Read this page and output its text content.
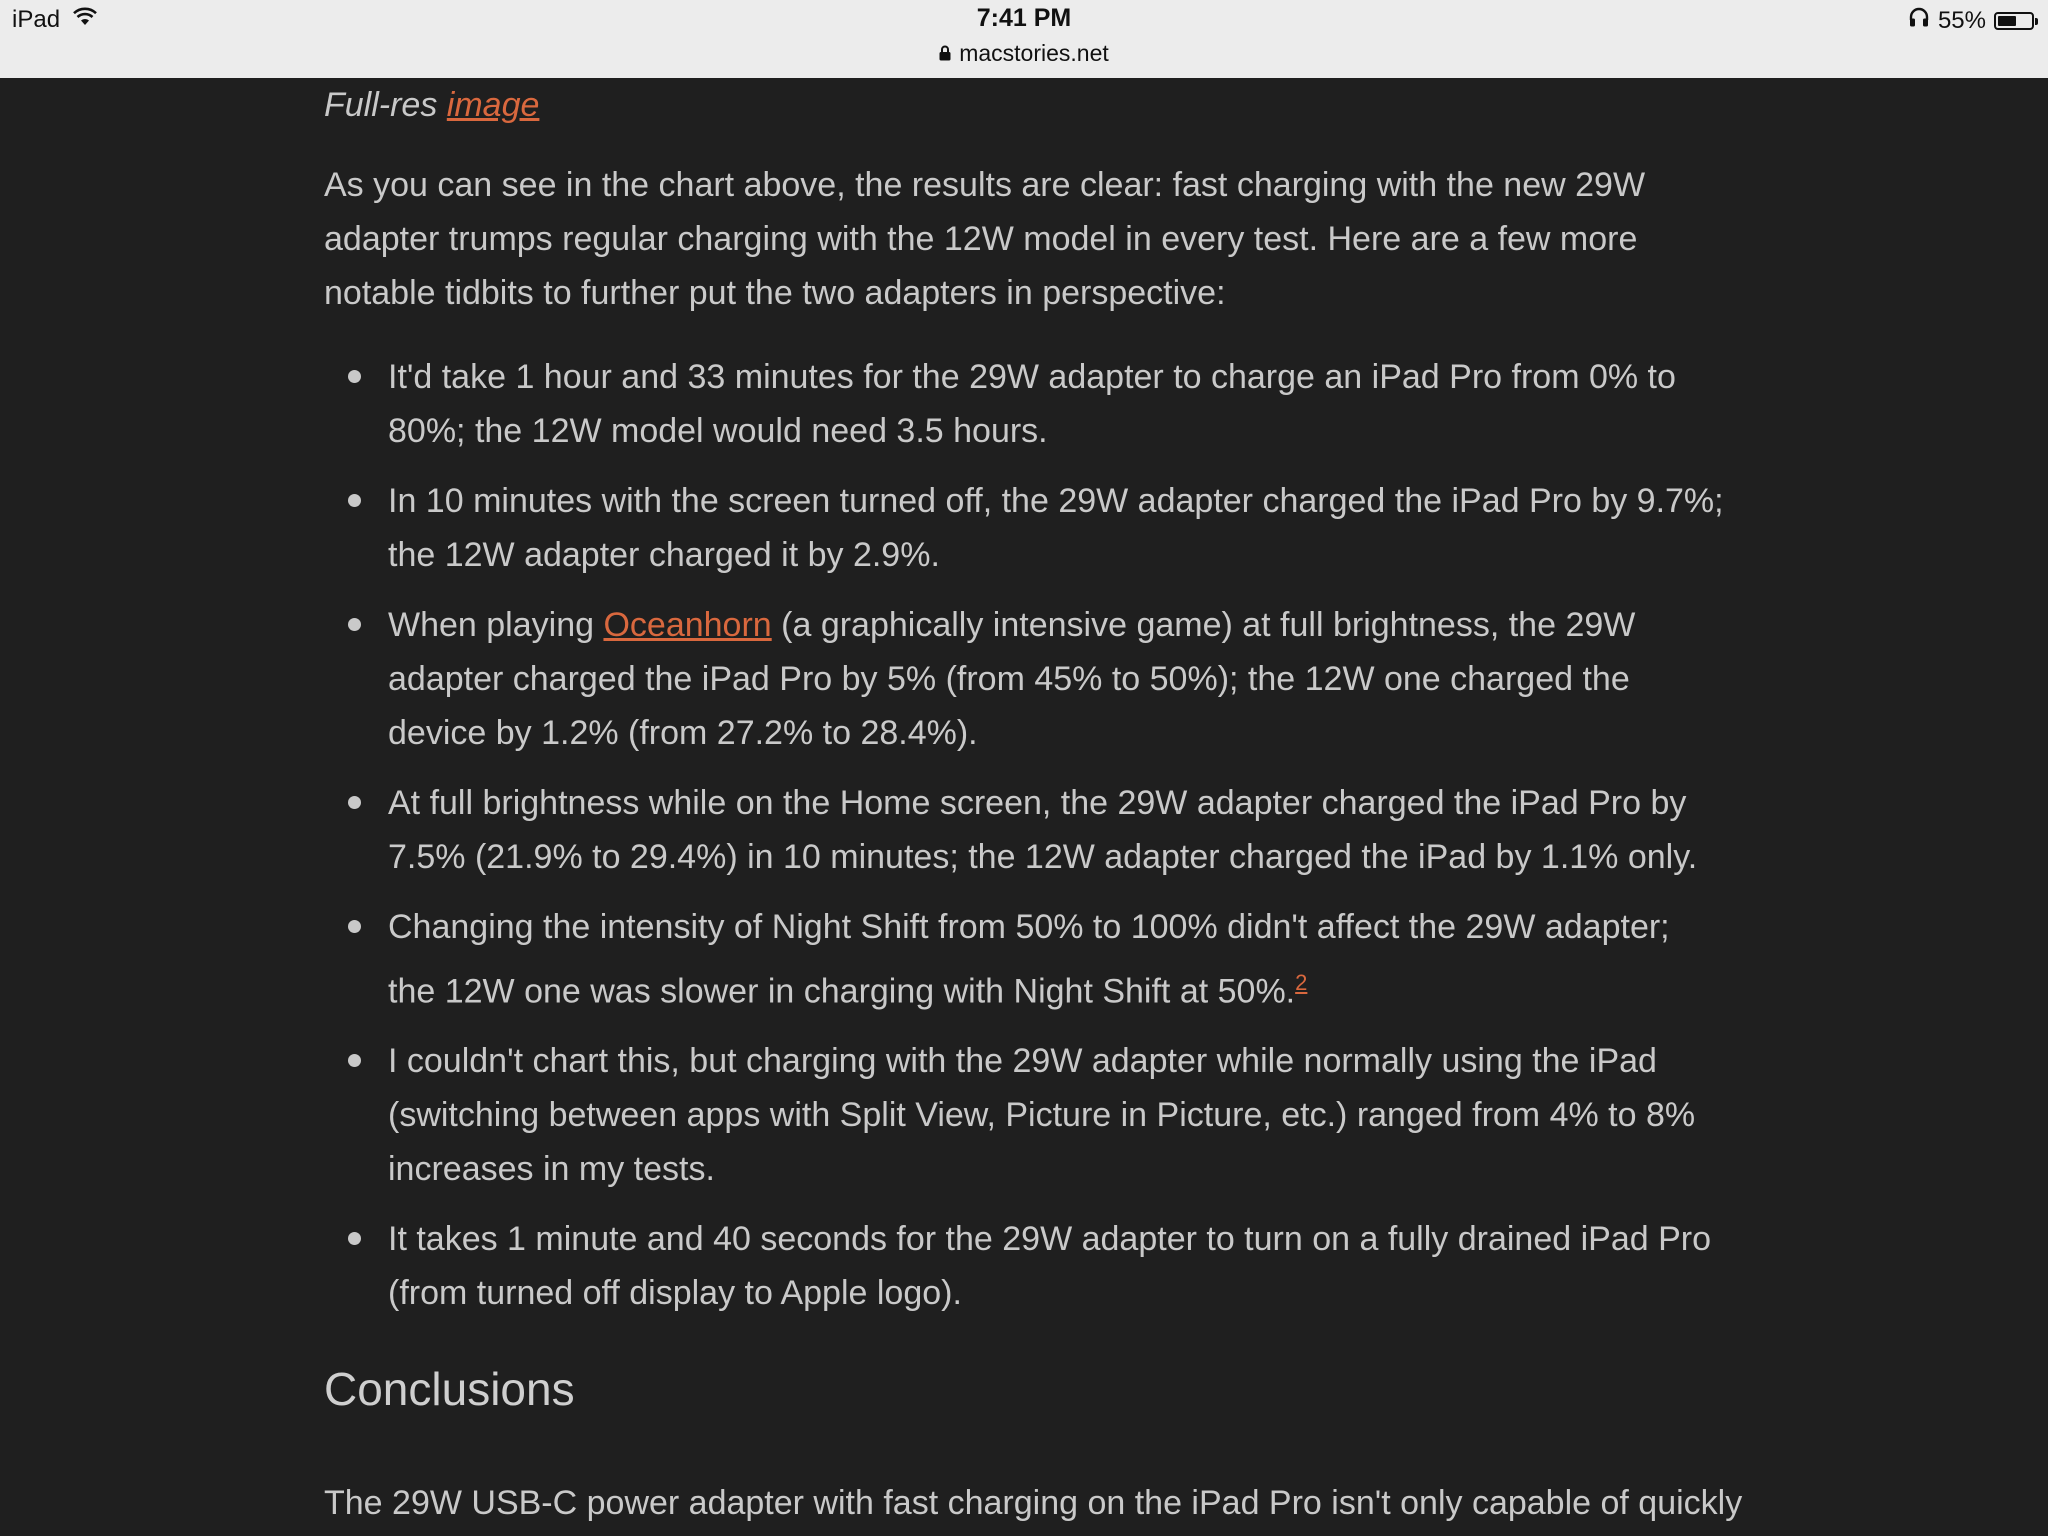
iPad	7:41 PM
macstories.net
55%

Full-res image

As you can see in the chart above, the results are clear: fast charging with the new 29W adapter trumps regular charging with the 12W model in every test. Here are a few more notable tidbits to further put the two adapters in perspective:

It'd take 1 hour and 33 minutes for the 29W adapter to charge an iPad Pro from 0% to 80%; the 12W model would need 3.5 hours.
In 10 minutes with the screen turned off, the 29W adapter charged the iPad Pro by 9.7%; the 12W adapter charged it by 2.9%.
When playing Oceanhorn (a graphically intensive game) at full brightness, the 29W adapter charged the iPad Pro by 5% (from 45% to 50%); the 12W one charged the device by 1.2% (from 27.2% to 28.4%).
At full brightness while on the Home screen, the 29W adapter charged the iPad Pro by 7.5% (21.9% to 29.4%) in 10 minutes; the 12W adapter charged the iPad by 1.1% only.
Changing the intensity of Night Shift from 50% to 100% didn't affect the 29W adapter; the 12W one was slower in charging with Night Shift at 50%.$^2$
I couldn't chart this, but charging with the 29W adapter while normally using the iPad (switching between apps with Split View, Picture in Picture, etc.) ranged from 4% to 8% increases in my tests.
It takes 1 minute and 40 seconds for the 29W adapter to turn on a fully drained iPad Pro (from turned off display to Apple logo).
Conclusions

The 29W USB-C power adapter with fast charging on the iPad Pro isn't only capable of quickly
